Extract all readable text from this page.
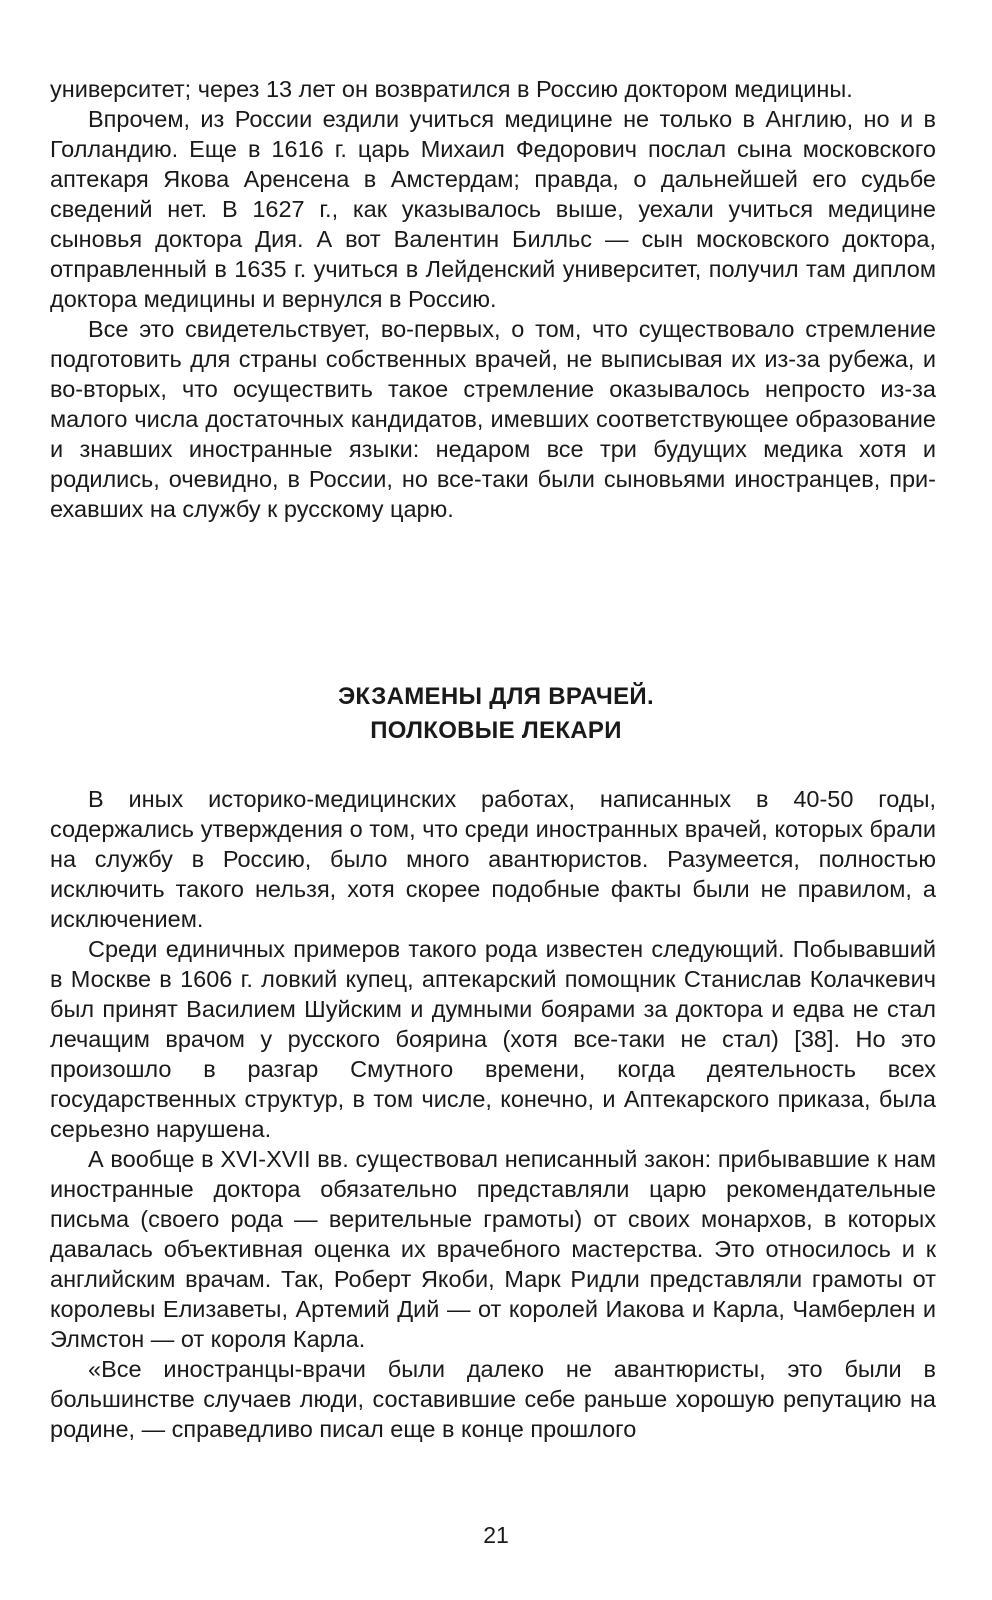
университет; через 13 лет он возвратился в Россию доктором медицины.

Впрочем, из России ездили учиться медицине не только в Англию, но и в Голландию. Еще в 1616 г. царь Михаил Федорович послал сына московского аптекаря Якова Аренсена в Амстердам; правда, о дальнейшей его судьбе сведений нет. В 1627 г., как указывалось выше, уехали учиться медицине сыновья доктора Дия. А вот Валентин Билльс — сын московского доктора, отправленный в 1635 г. учиться в Лейденский университет, получил там диплом доктора медицины и вернулся в Россию.

Все это свидетельствует, во-первых, о том, что существовало стремление подготовить для страны собственных врачей, не выписывая их из-за рубежа, и во-вторых, что осуществить такое стремление оказывалось непросто из-за малого числа достаточных кандидатов, имевших соответствующее образование и знавших иностранные языки: недаром все три будущих медика хотя и родились, очевидно, в России, но все-таки были сыновьями иностранцев, приехавших на службу к русскому царю.

ЭКЗАМЕНЫ ДЛЯ ВРАЧЕЙ.
ПОЛКОВЫЕ ЛЕКАРИ

В иных историко-медицинских работах, написанных в 40-50 годы, содержались утверждения о том, что среди иностранных врачей, которых брали на службу в Россию, было много авантюристов. Разумеется, полностью исключить такого нельзя, хотя скорее подобные факты были не правилом, а исключением.

Среди единичных примеров такого рода известен следующий. Побывавший в Москве в 1606 г. ловкий купец, аптекарский помощник Станислав Колачкевич был принят Василием Шуйским и думными боярами за доктора и едва не стал лечащим врачом у русского боярина (хотя все-таки не стал) [38]. Но это произошло в разгар Смутного времени, когда деятельность всех государственных структур, в том числе, конечно, и Аптекарского приказа, была серьезно нарушена.

А вообще в XVI-XVII вв. существовал неписанный закон: прибывавшие к нам иностранные доктора обязательно представляли царю рекомендательные письма (своего рода — верительные грамоты) от своих монархов, в которых давалась объективная оценка их врачебного мастерства. Это относилось и к английским врачам. Так, Роберт Якоби, Марк Ридли представляли грамоты от королевы Елизаветы, Артемий Дий — от королей Иакова и Карла, Чамберлен и Элмстон — от короля Карла.

«Все иностранцы-врачи были далеко не авантюристы, это были в большинстве случаев люди, составившие себе раньше хорошую репутацию на родине, — справедливо писал еще в конце прошлого

21
